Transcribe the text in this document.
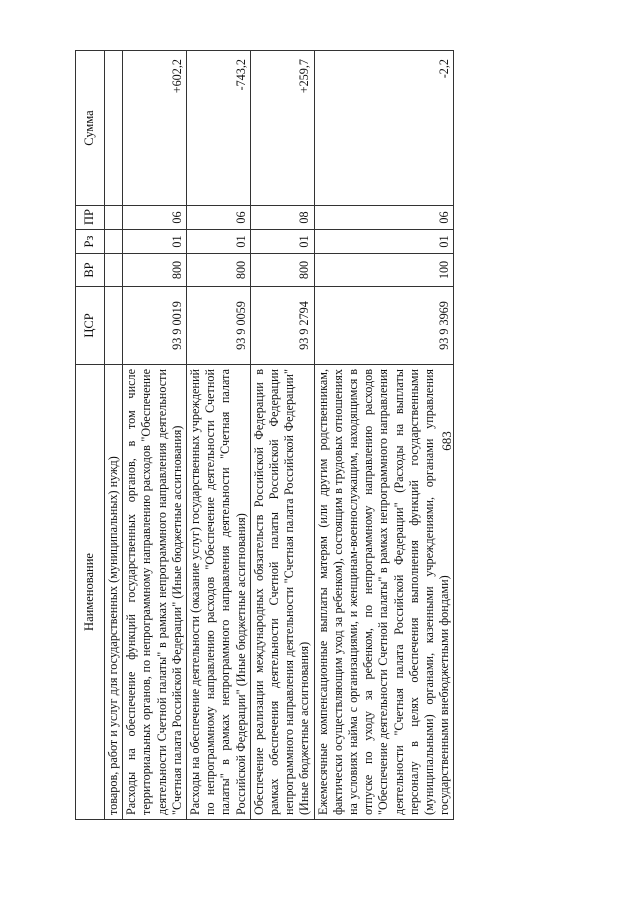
683
Наименование	ЦСР	ВР	Рз	ПР	Сумма
товаров, работ и услуг для государственных (муниципальных) нужд)					
Расходы на обеспечение функций государственных органов, в том числе территориальных органов, по непрограммному направлению расходов "Обеспечение деятельности Счетной палаты" в рамках непрограммного направления деятельности "Счетная палата Российской Федерации" (Иные бюджетные ассигнования)	93 9 0019	800	01	06	+602,2
Расходы на обеспечение деятельности (оказание услуг) государственных учреждений по непрограммному направлению расходов "Обеспечение деятельности Счетной палаты" в рамках непрограммного направления деятельности "Счетная палата Российской Федерации" (Иные бюджетные ассигнования)	93 9 0059	800	01	06	-743,2
Обеспечение реализации международных обязательств Российской Федерации в рамках обеспечения деятельности Счетной палаты Российской Федерации непрограммного направления деятельности "Счетная палата Российской Федерации" (Иные бюджетные ассигнования)	93 9 2794	800	01	08	+259,7
Ежемесячные компенсационные выплаты матерям (или другим родственникам, фактически осуществляющим уход за ребенком), состоящим в трудовых отношениях на условиях найма с организациями, и женщинам-военнослужащим, находящимся в отпуске по уходу за ребенком, по непрограммному направлению расходов "Обеспечение деятельности Счетной палаты" в рамках непрограммного направления деятельности "Счетная палата Российской Федерации" (Расходы на выплаты персоналу в целях обеспечения выполнения функций государственными (муниципальными) органами, казенными учреждениями, органами управления государственными внебюджетными фондами)	93 9 3969	100	01	06	-2,2
